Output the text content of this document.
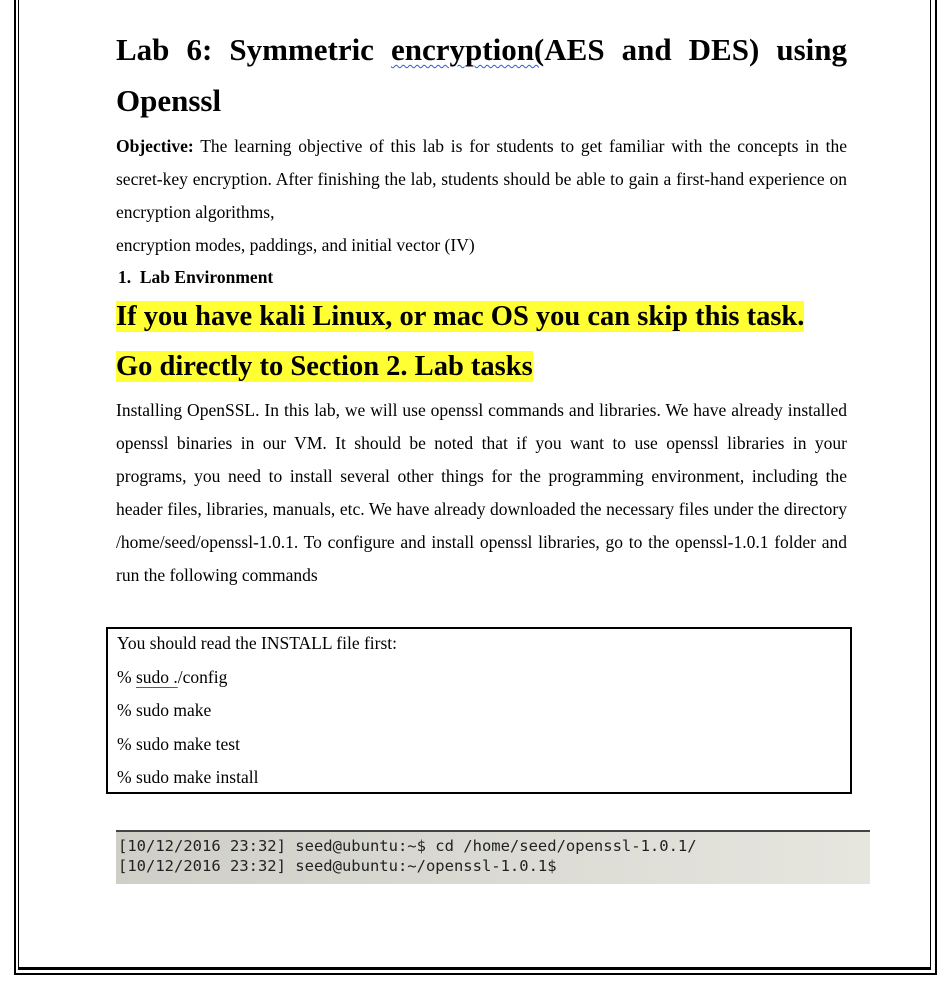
Lab 6: Symmetric encryption(AES and DES) using
Openssl

Objective: The learning objective of this lab is for students to get familiar with the concepts in the secret-key encryption. After finishing the lab, students should be able to gain a first-hand experience on encryption algorithms,

encryption modes, paddings, and initial vector (IV)
1. Lab Environment
If you have kali Linux, or mac OS you can skip this task.
Go directly to Section 2. Lab tasks

Installing OpenSSL. In this lab, we will use openssl commands and libraries. We have already installed openssl binaries in our VM. It should be noted that if you want to use openssl libraries in your programs, you need to install several other things for the programming environment, including the header files, libraries, manuals, etc. We have already downloaded the necessary files under the directory /home/seed/openssl-1.0.1. To configure and install openssl libraries, go to the openssl-1.0.1 folder and run the following commands

You should read the INSTALL file first:
% sudo ./config
% sudo make
% sudo make test
% sudo make install
[10/12/2016 23:32] seed@ubuntu:~$ cd /home/seed/openssl-1.0.1/
[10/12/2016 23:32] seed@ubuntu:~/openssl-1.0.1$
